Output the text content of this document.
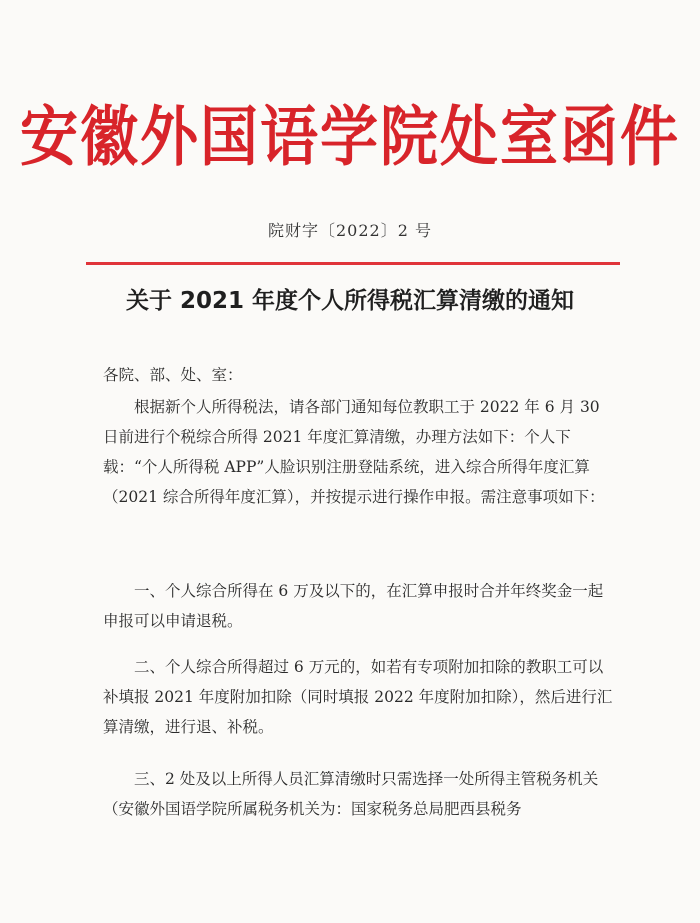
安徽外国语学院处室函件
院财字〔2022〕2 号
关于 2021 年度个人所得税汇算清缴的通知
各院、部、处、室：

根据新个人所得税法，请各部门通知每位教职工于 2022 年 6 月 30 日前进行个税综合所得 2021 年度汇算清缴，办理方法如下：个人下载：“个人所得税 APP”人脸识别注册登陆系统，进入综合所得年度汇算（2021 综合所得年度汇算），并按提示进行操作申报。需注意事项如下：

一、个人综合所得在 6 万及以下的，在汇算申报时合并年终奖金一起申报可以申请退税。

二、个人综合所得超过 6 万元的，如若有专项附加扣除的教职工可以补填报 2021 年度附加扣除（同时填报 2022 年度附加扣除），然后进行汇算清缴，进行退、补税。

三、2 处及以上所得人员汇算清缴时只需选择一处所得主管税务机关（安徽外国语学院所属税务机关为：国家税务总局肥西县税务
